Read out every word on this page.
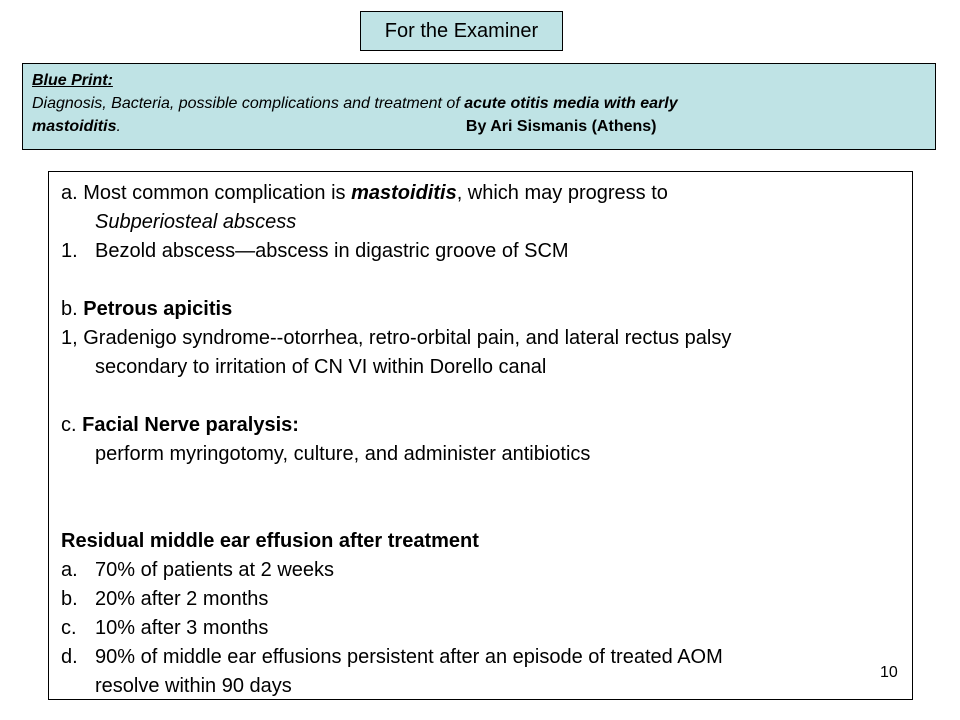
For the Examiner
Blue Print:
Diagnosis, Bacteria, possible complications and treatment of acute otitis media with early
mastoiditis.	By Ari Sismanis (Athens)
a. Most common complication is mastoiditis, which may progress to
Subperiosteal abscess
1. Bezold abscess—abscess in digastric groove of SCM
b. Petrous apicitis
1, Gradenigo syndrome--otorrhea, retro-orbital pain, and lateral rectus palsy
secondary to irritation of CN VI within Dorello canal
c. Facial Nerve paralysis:
perform myringotomy, culture, and administer antibiotics
Residual middle ear effusion after treatment
a. 70% of patients at 2 weeks
b. 20% after 2 months
c. 10% after 3 months
d. 90% of middle ear effusions persistent after an episode of treated AOM
resolve within 90 days
10
